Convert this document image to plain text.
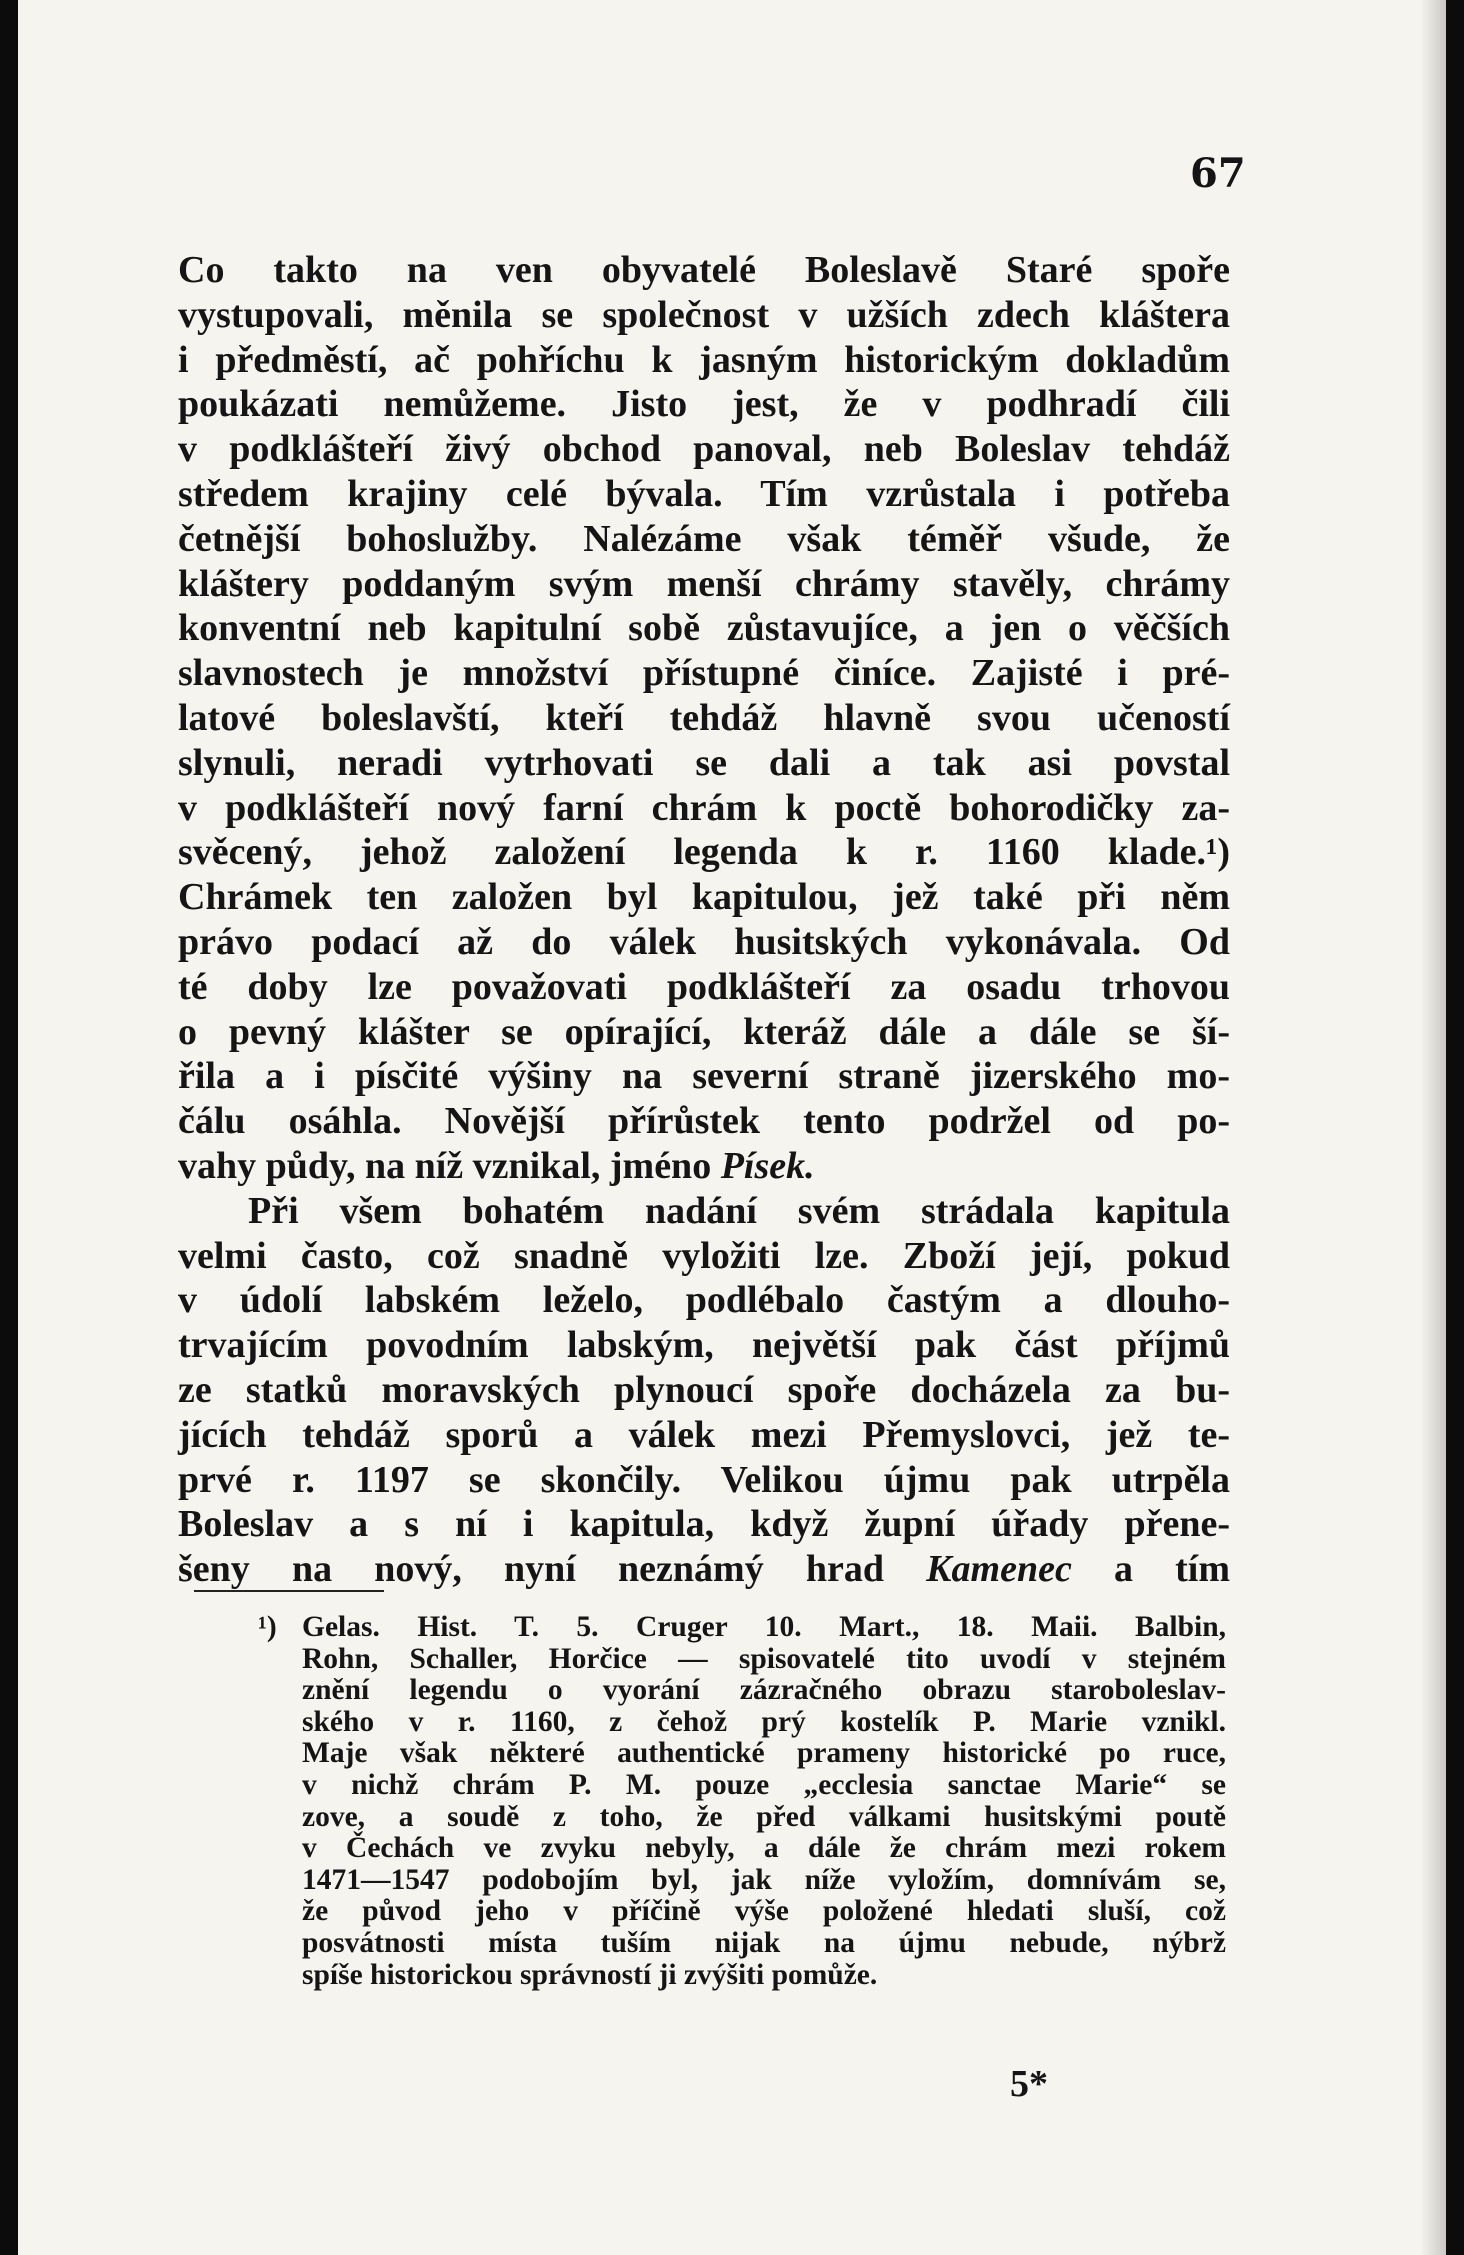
67
Co takto na ven obyvatelé Boleslavě Staré spoře
vystupovali, měnila se společnost v užších zdech kláštera
i předměstí, ač pohříchu k jasným historickým dokladům
poukázati nemůžeme. Jisto jest, že v podhradí čili
v podklášteří živý obchod panoval, neb Boleslav tehdáž
středem krajiny celé bývala. Tím vzrůstala i potřeba
četnější bohoslužby. Nalézáme však téměř všude, že
kláštery poddaným svým menší chrámy stavěly, chrámy
konventní neb kapitulní sobě zůstavujíce, a jen o věčších
slavnostech je množství přístupné činíce. Zajisté i pré-
latové boleslavští, kteří tehdáž hlavně svou učeností
slynuli, neradi vytrhovati se dali a tak asi povstal
v podklášteří nový farní chrám k poctě bohorodičky za-
svěcený, jehož založení legenda k r. 1160 klade.¹)
Chrámek ten založen byl kapitulou, jež také při něm
právo podací až do válek husitských vykonávala. Od
té doby lze považovati podklášteří za osadu trhovou
o pevný klášter se opírající, kteráž dále a dále se ší-
řila a i písčité výšiny na severní straně jizerského mo-
čálu osáhla. Novější přírůstek tento podržel od po-
vahy půdy, na níž vznikal, jméno Písek.
Při všem bohatém nadání svém strádala kapitula
velmi často, což snadně vyložiti lze. Zboží její, pokud
v údolí labském leželo, podlébalo častým a dlouho-
trvajícím povodním labským, největší pak část příjmů
ze statků moravských plynoucí spoře docházela za bu-
jících tehdáž sporů a válek mezi Přemyslovci, jež te-
prvé r. 1197 se skončily. Velikou újmu pak utrpěla
Boleslav a s ní i kapitula, když župní úřady přene-
šeny na nový, nyní neznámý hrad Kamenec a tím
¹) Gelas. Hist. T. 5. Cruger 10. Mart., 18. Maii. Balbin,
Rohn, Schaller, Horčice — spisovatelé tito uvodí v stejném
znění legendu o vyorání zázračného obrazu staroboleslav-
ského v r. 1160, z čehož prý kostelík P. Marie vznikl.
Maje však některé authentické prameny historické po ruce,
v nichž chrám P. M. pouze „ecclesia sanctae Marie“ se
zove, a soudě z toho, že před válkami husitskými poutě
v Čechách ve zvyku nebyly, a dále že chrám mezi rokem
1471—1547 podobojím byl, jak níže vyložím, domnívám se,
že původ jeho v příčině výše položené hledati sluší, což
posvátnosti místa tuším nijak na újmu nebude, nýbrž
spíše historickou správností ji zvýšiti pomůže.
5*
